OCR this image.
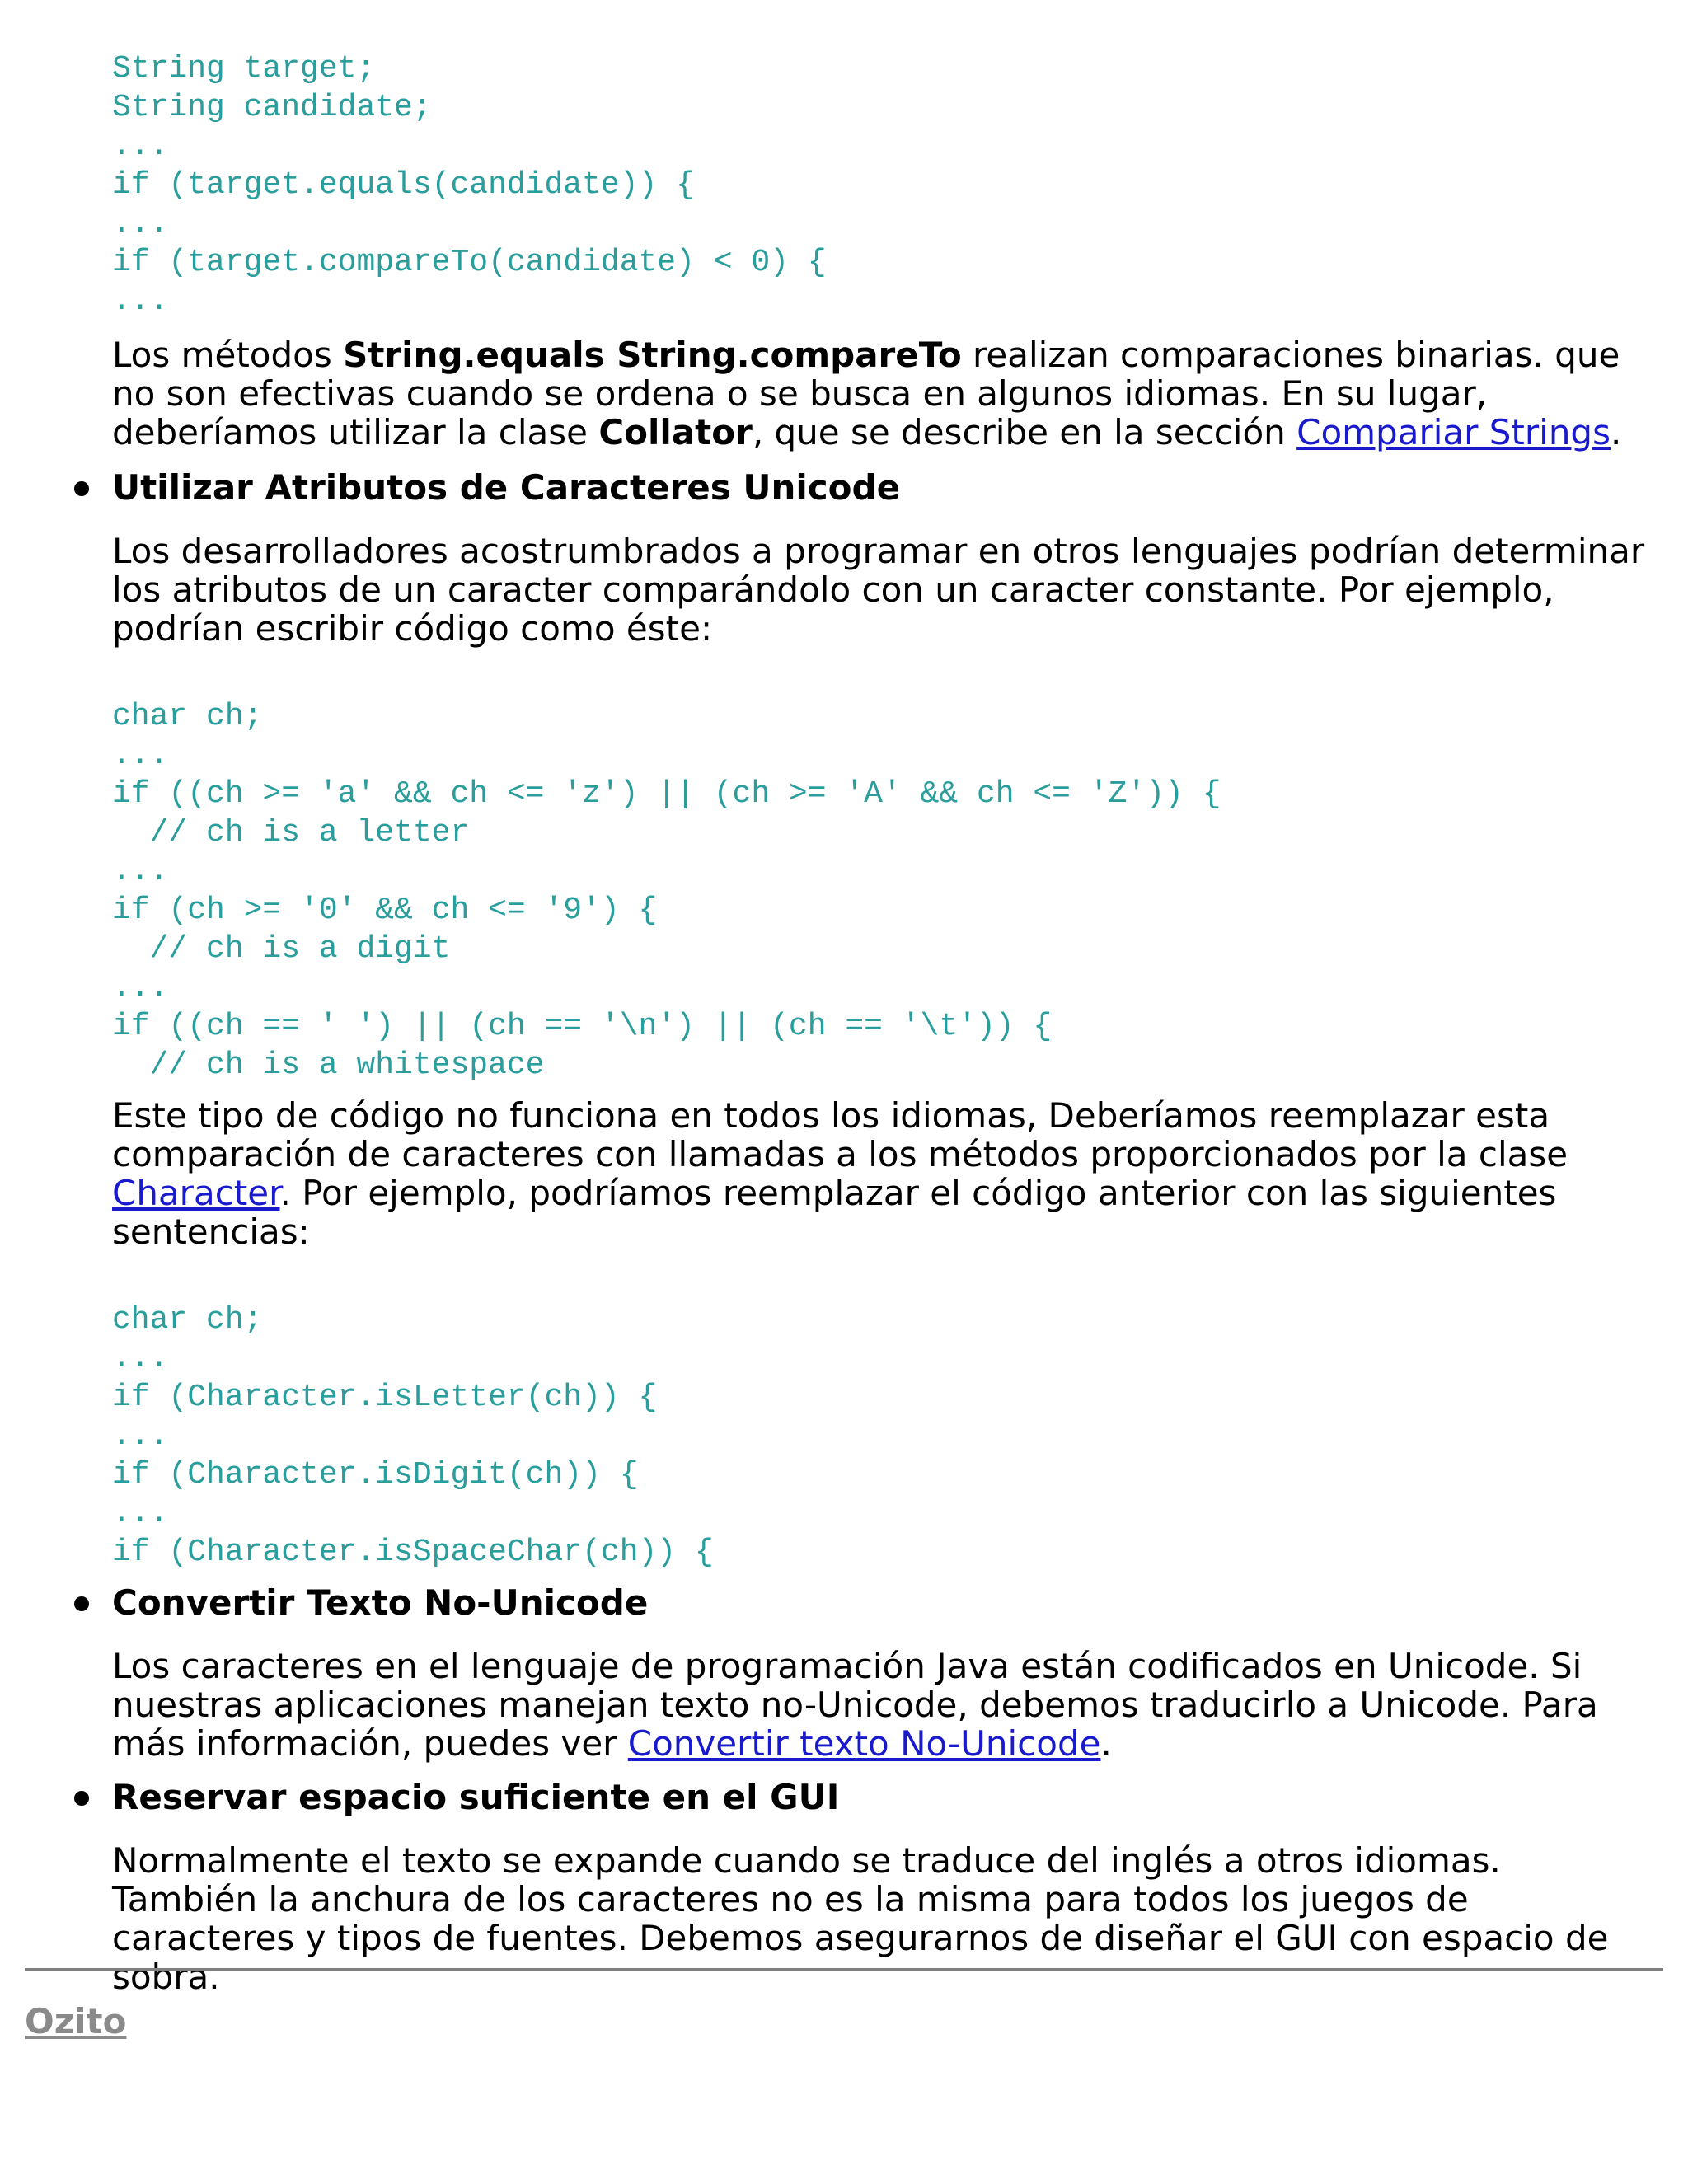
String target;
String candidate;
...
if (target.equals(candidate)) {
...
if (target.compareTo(candidate) < 0) {
...

Los métodos String.equals String.compareTo realizan comparaciones binarias. que no son efectivas cuando se ordena o se busca en algunos idiomas. En su lugar, deberíamos utilizar la clase Collator, que se describe en la sección Compariar Strings.

Utilizar Atributos de Caracteres Unicode

Los desarrolladores acostrumbrados a programar en otros lenguajes podrían determinar los atributos de un caracter comparándolo con un caracter constante. Por ejemplo, podrían escribir código como éste:

char ch;
...
if ((ch >= 'a' && ch <= 'z') || (ch >= 'A' && ch <= 'Z')) {
// ch is a letter
...
if (ch >= '0' && ch <= '9') {
// ch is a digit
...
if ((ch == ' ') || (ch == '\n') || (ch == '\t')) {
// ch is a whitespace

Este tipo de código no funciona en todos los idiomas, Deberíamos reemplazar esta comparación de caracteres con llamadas a los métodos proporcionados por la clase Character. Por ejemplo, podríamos reemplazar el código anterior con las siguientes sentencias:

char ch;
...
if (Character.isLetter(ch)) {
...
if (Character.isDigit(ch)) {
...
if (Character.isSpaceChar(ch)) {
Convertir Texto No-Unicode

Los caracteres en el lenguaje de programación Java están codificados en Unicode. Si nuestras aplicaciones manejan texto no-Unicode, debemos traducirlo a Unicode. Para más información, puedes ver Convertir texto No-Unicode.

Reservar espacio suficiente en el GUI

Normalmente el texto se expande cuando se traduce del inglés a otros idiomas. También la anchura de los caracteres no es la misma para todos los juegos de caracteres y tipos de fuentes. Debemos asegurarnos de diseñar el GUI con espacio de sobra.

Ozito
